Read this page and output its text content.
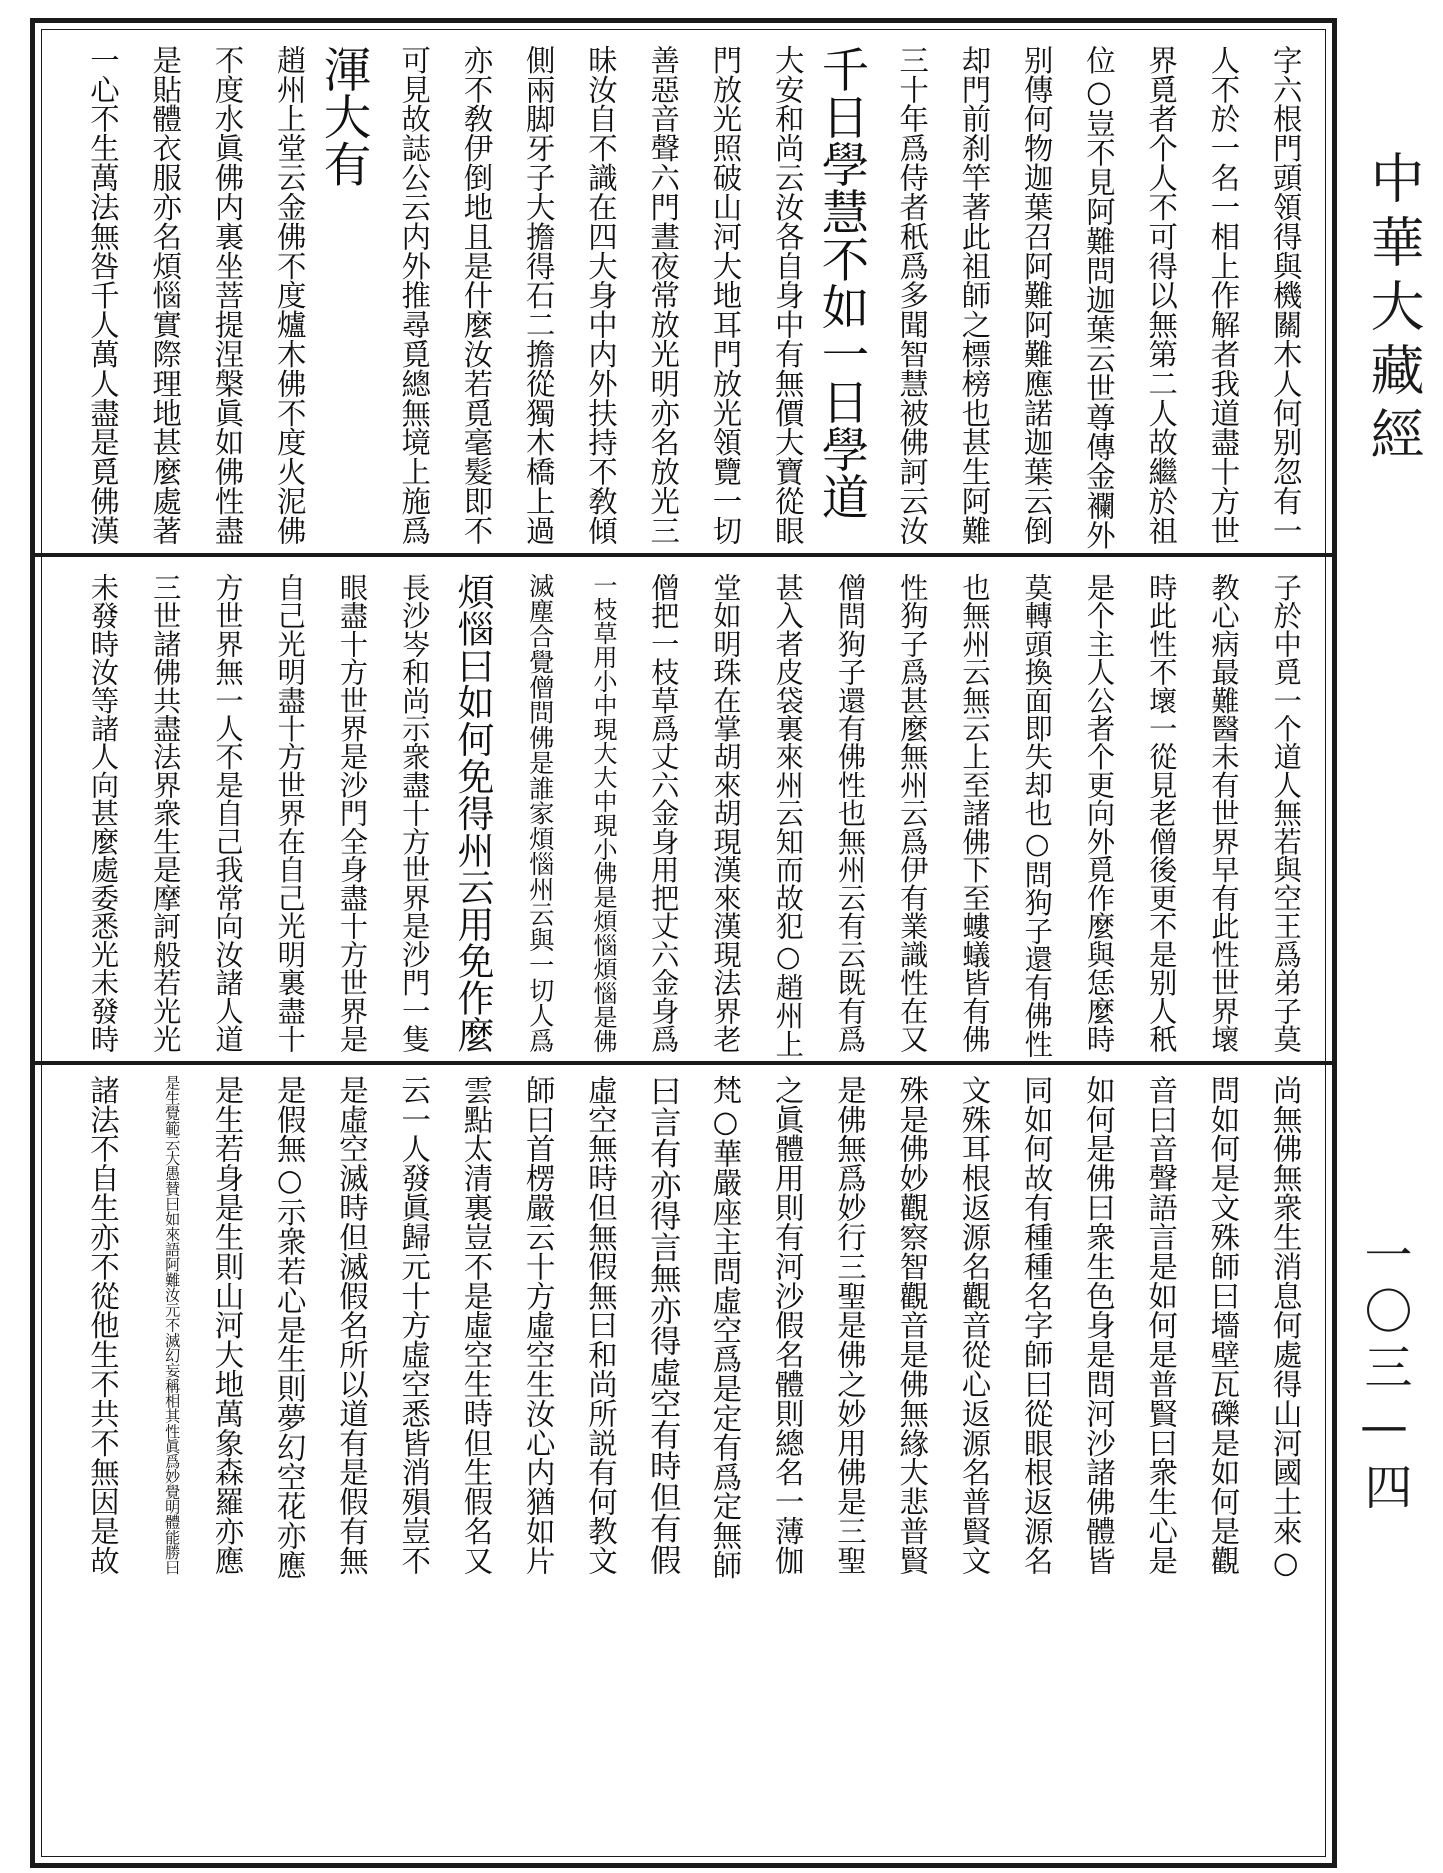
字六根門頭領得與機關木人何别忽有一
人不於一名一相上作解者我道盡十方世
界覓者个人不可得以無第二人故繼於祖
位○豈不見阿難問迦葉云世尊傳金襴外
别傳何物迦葉召阿難阿難應諾迦葉云倒
却門前刹竿著此祖師之標榜也甚生阿難
三十年爲侍者秖爲多聞智慧被佛訶云汝
千日學慧不如一日學道
大安和尚云汝各自身中有無價大寶從眼
門放光照破山河大地耳門放光領覽一切
善惡音聲六門晝夜常放光明亦名放光三
昧汝自不識在四大身中内外扶持不敎傾
側兩脚牙子大擔得石二擔從獨木橋上過
亦不敎伊倒地且是什麼汝若覓毫髮即不
可見故誌公云内外推尋覓總無境上施爲
渾大有
趙州上堂云金佛不度爐木佛不度火泥佛
不度水眞佛内裏坐菩提涅槃眞如佛性盡
是貼體衣服亦名煩惱實際理地甚麼處著
一心不生萬法無咎千人萬人盡是覓佛漢
子於中覓一个道人無若與空王爲弟子莫
教心病最難醫未有世界早有此性世界壞
時此性不壞一從見老僧後更不是别人秖
是个主人公者个更向外覓作麼與恁麼時
莫轉頭換面即失却也○問狗子還有佛性
也無州云無云上至諸佛下至螻蟻皆有佛
性狗子爲甚麼無州云爲伊有業識性在又
僧問狗子還有佛性也無州云有云既有爲
甚入者皮袋裏來州云知而故犯○趙州上
堂如明珠在掌胡來胡現漢來漢現法界老
僧把一枝草爲丈六金身用把丈六金身爲
一枝草用小中現大大中現小佛是煩惱煩惱是佛
滅塵合覺僧問佛是誰家煩惱州云與一切人爲
煩惱曰如何免得州云用免作麼
長沙岑和尚示衆盡十方世界是沙門一隻
眼盡十方世界是沙門全身盡十方世界是
自己光明盡十方世界在自己光明裏盡十
方世界無一人不是自己我常向汝諸人道
三世諸佛共盡法界衆生是摩訶般若光光
未發時汝等諸人向甚麼處委悉光未發時
尚無佛無衆生消息何處得山河國土來○
問如何是文殊師曰墻壁瓦礫是如何是觀
音曰音聲語言是如何是普賢曰衆生心是
如何是佛曰衆生色身是問河沙諸佛體皆
同如何故有種種名字師曰從眼根返源名
文殊耳根返源名觀音從心返源名普賢文
殊是佛妙觀察智觀音是佛無緣大悲普賢
是佛無爲妙行三聖是佛之妙用佛是三聖
之眞體用則有河沙假名體則總名一薄伽
梵○華嚴座主問虛空爲是定有爲定無師
曰言有亦得言無亦得虛空有時但有假
虛空無時但無假無曰和尚所説有何教文
師曰首楞嚴云十方虛空生汝心内猶如片
雲點太清裏豈不是虛空生時但生假名又
云一人發眞歸元十方虛空悉皆消殞豈不
是虛空滅時但滅假名所以道有是假有無
是假無○示衆若心是生則夢幻空花亦應
是生若身是生則山河大地萬象森羅亦應
是生覺範云大愚賛曰如來語阿難汝元不滅幻妄稱相其性眞爲妙覺明體能勝曰
諸法不自生亦不從他生不共不無因是故
中華大藏經
一〇三—四
